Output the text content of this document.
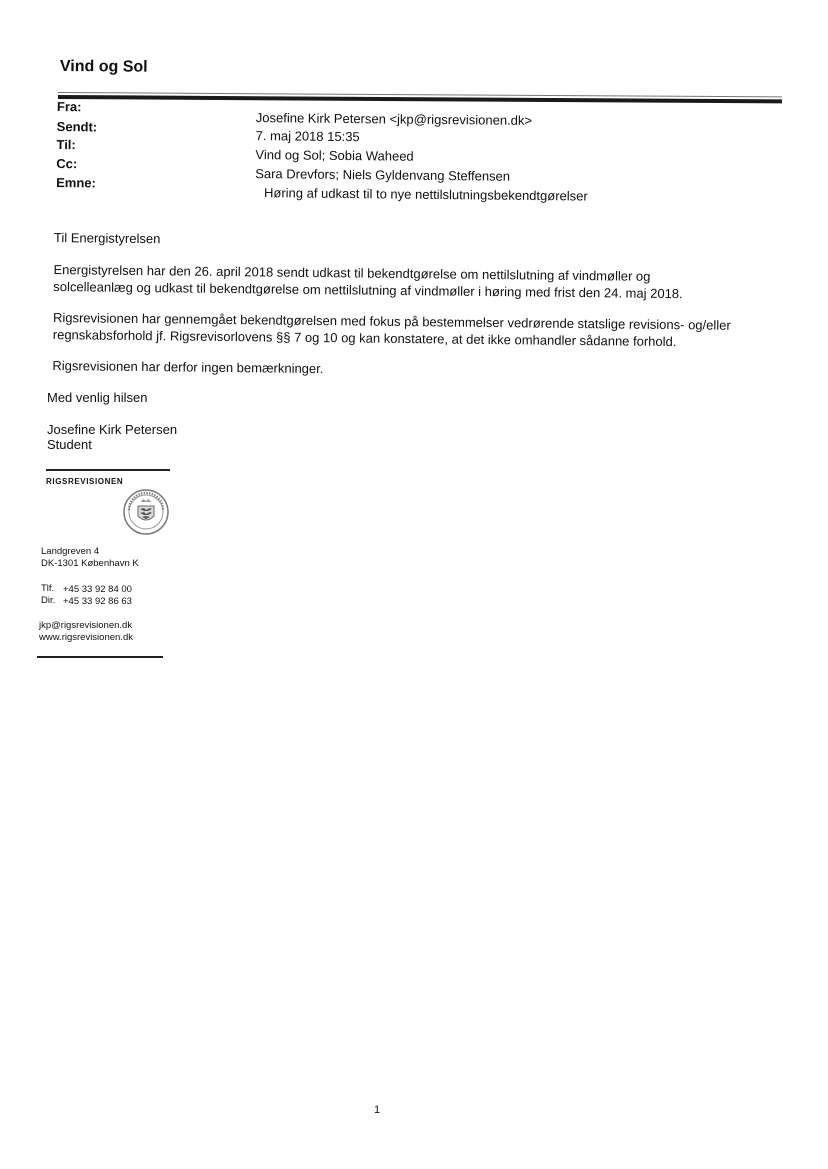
Vind og Sol
Fra:
Sendt:
Til:
Cc:
Emne:
Josefine Kirk Petersen <jkp@rigsrevisionen.dk>
7. maj 2018 15:35
Vind og Sol; Sobia Waheed
Sara Drevfors; Niels Gyldenvang Steffensen
Høring af udkast til to nye nettilslutningsbekendtgørelser
Til Energistyrelsen
Energistyrelsen har den 26. april 2018 sendt udkast til bekendtgørelse om nettilslutning af vindmøller og
solcelleanlæg og udkast til bekendtgørelse om nettilslutning af vindmøller i høring med frist den 24. maj 2018.
Rigsrevisionen har gennemgået bekendtgørelsen med fokus på bestemmelser vedrørende statslige revisions- og/eller
regnskabsforhold jf. Rigsrevisorlovens §§ 7 og 10 og kan konstatere, at det ikke omhandler sådanne forhold.
Rigsrevisionen har derfor ingen bemærkninger.
Med venlig hilsen
Josefine Kirk Petersen
Student
RIGSREVISIONEN
Landgreven 4
DK-1301 København K
Tlf. +45 33 92 84 00
Dir. +45 33 92 86 63
jkp@rigsrevisionen.dk
www.rigsrevisionen.dk
1
